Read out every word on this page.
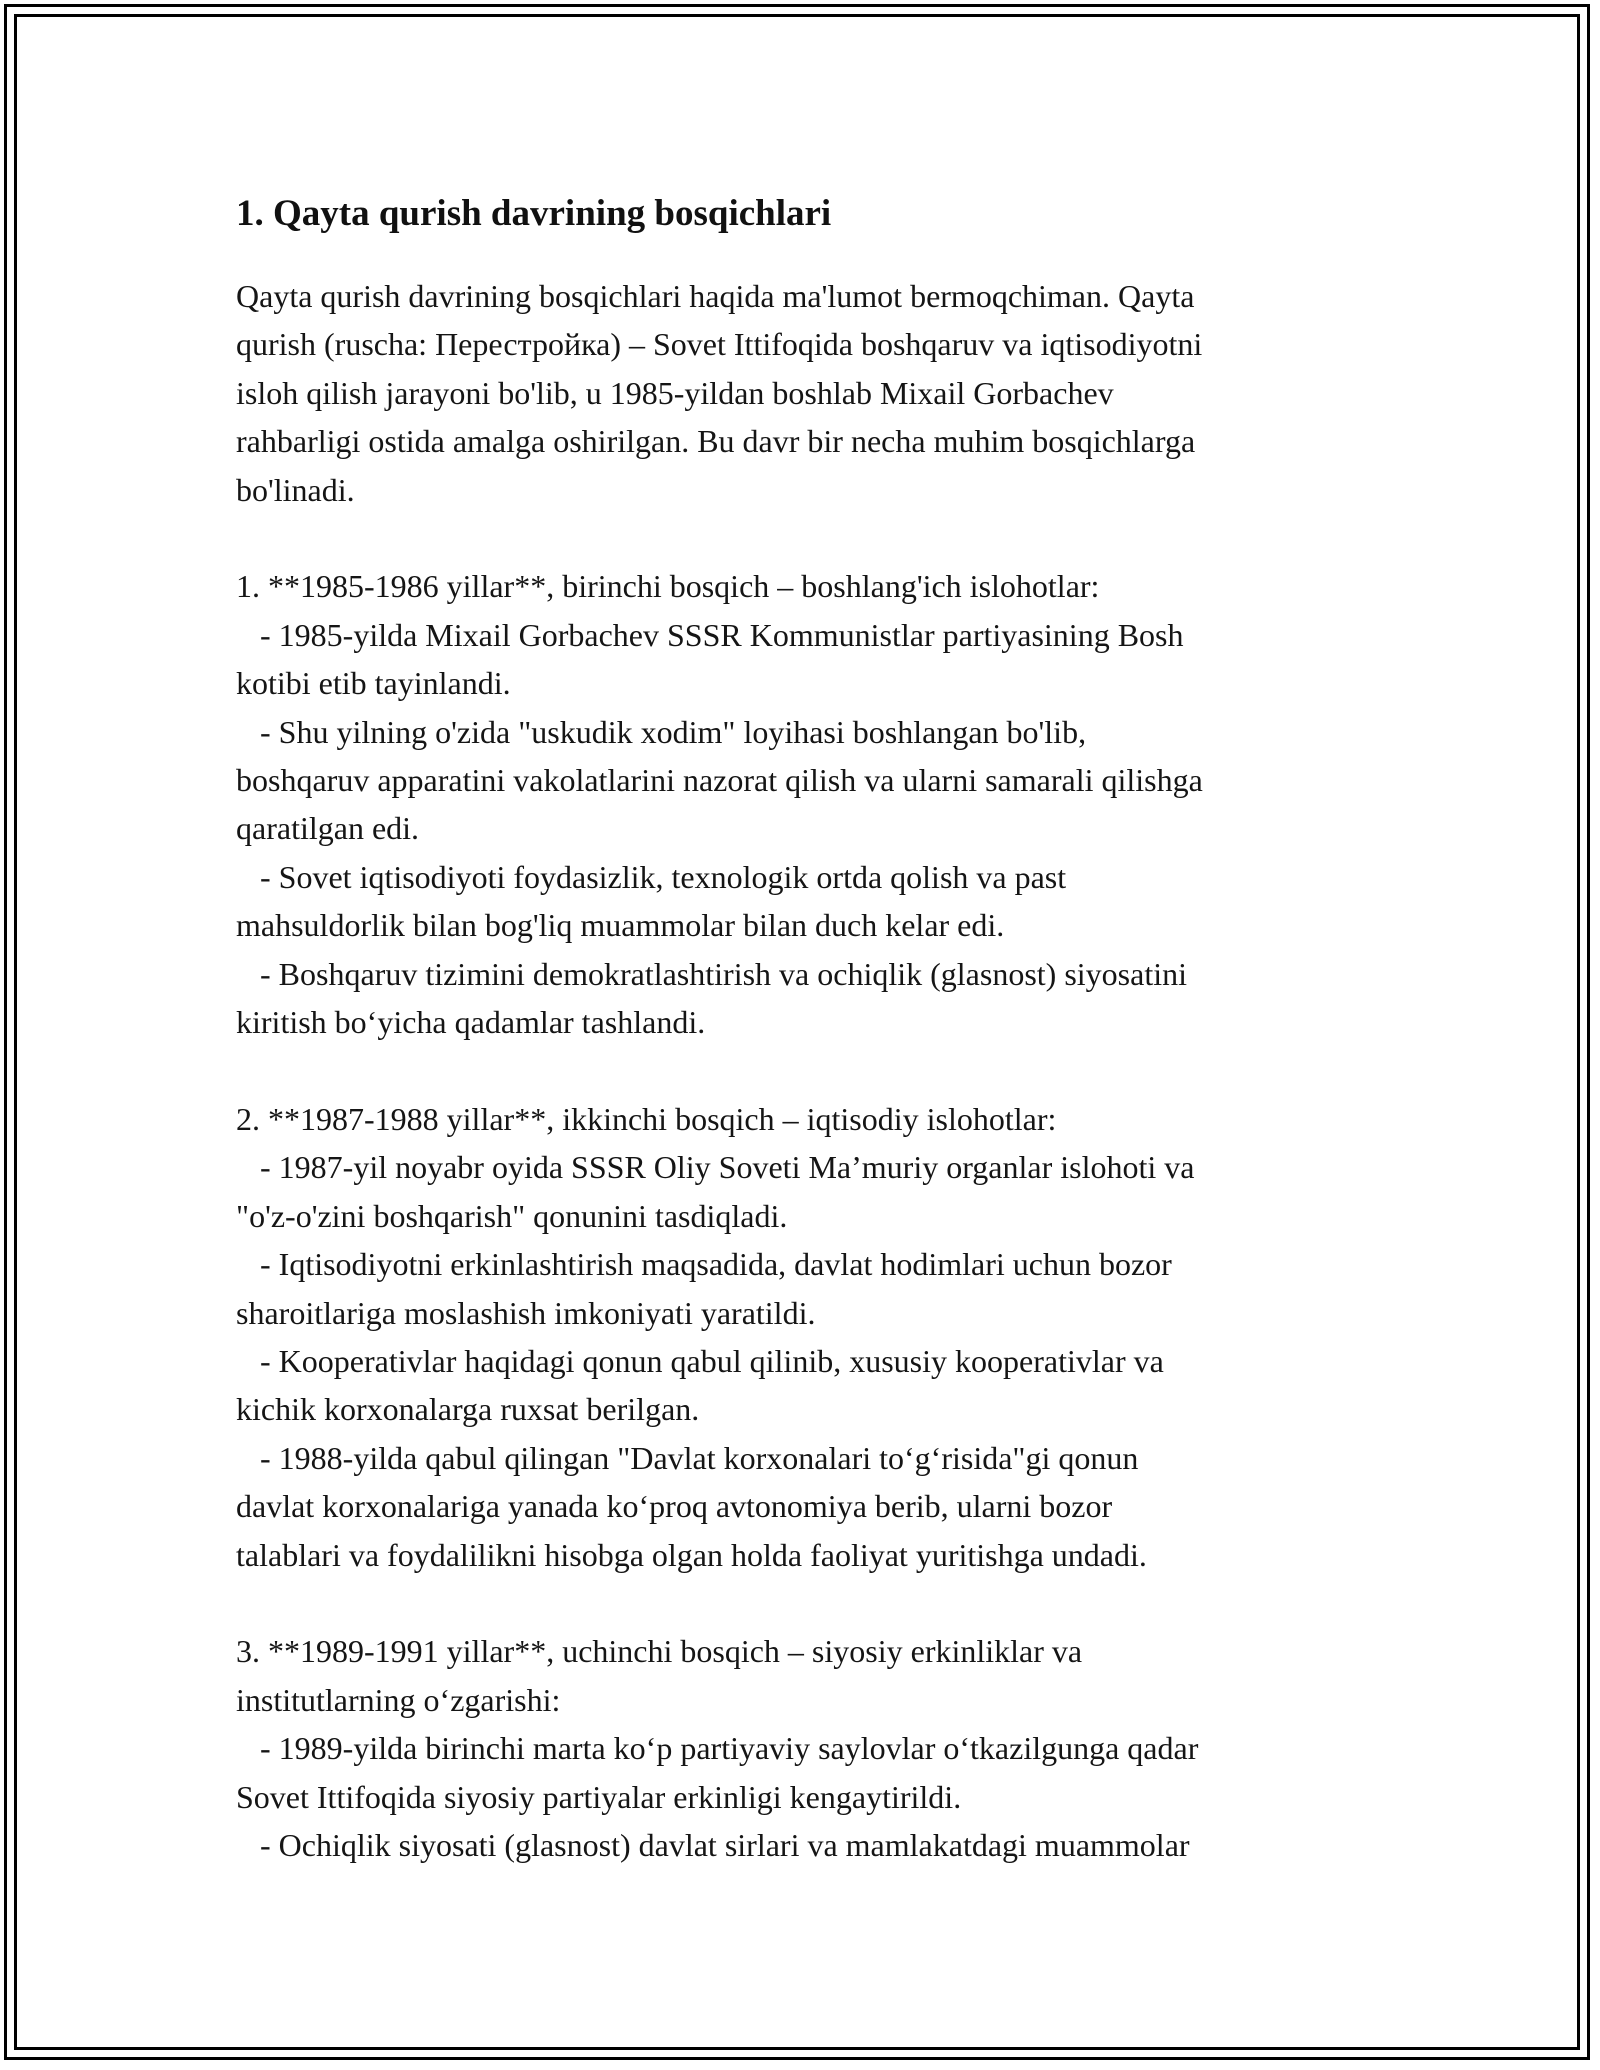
1. Qayta qurish davrining bosqichlari

Qayta qurish davrining bosqichlari haqida ma'lumot bermoqchiman. Qayta
qurish (ruscha: Перестройка) – Sovet Ittifoqida boshqaruv va iqtisodiyotni
isloh qilish jarayoni bo'lib, u 1985-yildan boshlab Mixail Gorbachev
rahbarligi ostida amalga oshirilgan. Bu davr bir necha muhim bosqichlarga
bo'linadi.

1. **1985-1986 yillar**, birinchi bosqich – boshlang'ich islohotlar:
- 1985-yilda Mixail Gorbachev SSSR Kommunistlar partiyasining Bosh
kotibi etib tayinlandi.
- Shu yilning o'zida "uskudik xodim" loyihasi boshlangan bo'lib,
boshqaruv apparatini vakolatlarini nazorat qilish va ularni samarali qilishga
qaratilgan edi.
- Sovet iqtisodiyoti foydasizlik, texnologik ortda qolish va past
mahsuldorlik bilan bog'liq muammolar bilan duch kelar edi.
- Boshqaruv tizimini demokratlashtirish va ochiqlik (glasnost) siyosatini
kiritish bo‘yicha qadamlar tashlandi.

2. **1987-1988 yillar**, ikkinchi bosqich – iqtisodiy islohotlar:
- 1987-yil noyabr oyida SSSR Oliy Soveti Ma’muriy organlar islohoti va
"o'z-o'zini boshqarish" qonunini tasdiqladi.
- Iqtisodiyotni erkinlashtirish maqsadida, davlat hodimlari uchun bozor
sharoitlariga moslashish imkoniyati yaratildi.
- Kooperativlar haqidagi qonun qabul qilinib, xususiy kooperativlar va
kichik korxonalarga ruxsat berilgan.
- 1988-yilda qabul qilingan "Davlat korxonalari to‘g‘risida"gi qonun
davlat korxonalariga yanada ko‘proq avtonomiya berib, ularni bozor
talablari va foydalilikni hisobga olgan holda faoliyat yuritishga undadi.

3. **1989-1991 yillar**, uchinchi bosqich – siyosiy erkinliklar va
institutlarning o‘zgarishi:
- 1989-yilda birinchi marta ko‘p partiyaviy saylovlar o‘tkazilgunga qadar
Sovet Ittifoqida siyosiy partiyalar erkinligi kengaytirildi.
- Ochiqlik siyosati (glasnost) davlat sirlari va mamlakatdagi muammolar
